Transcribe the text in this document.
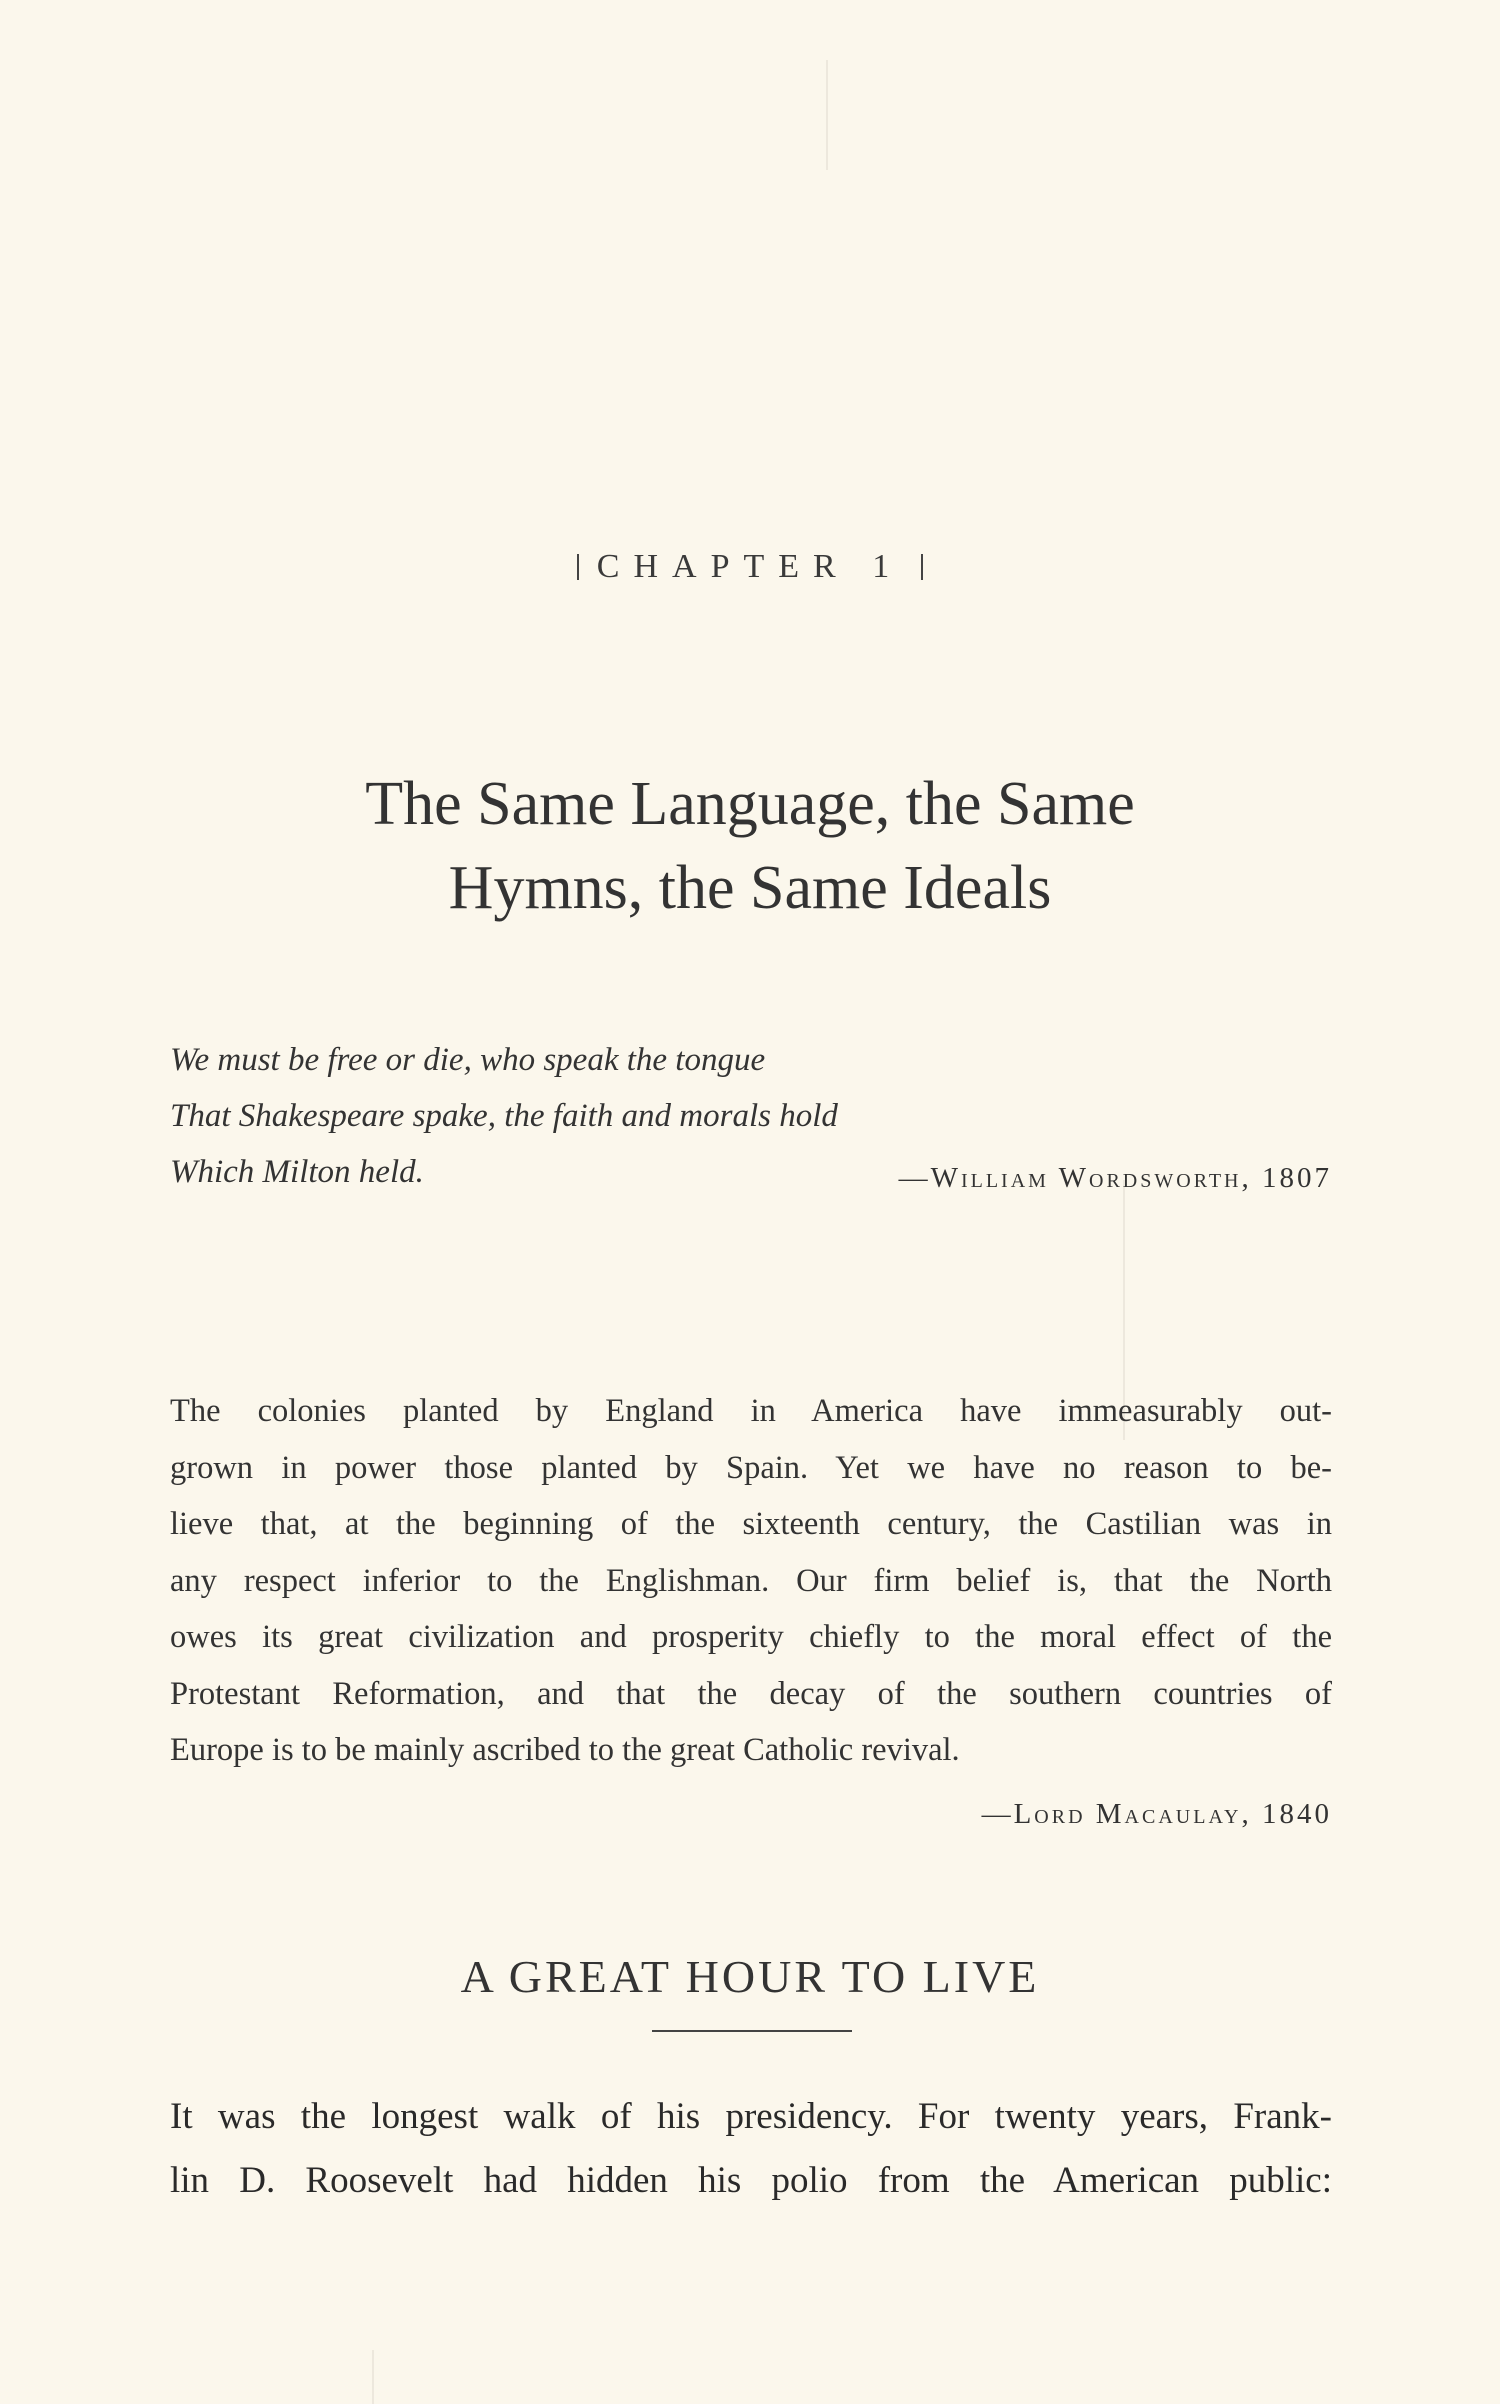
CHAPTER 1
The Same Language, the Same
Hymns, the Same Ideals
We must be free or die, who speak the tongue
That Shakespeare spake, the faith and morals hold
Which Milton held.	—William Wordsworth, 1807
The colonies planted by England in America have immeasurably out-
grown in power those planted by Spain. Yet we have no reason to be-
lieve that, at the beginning of the sixteenth century, the Castilian was in
any respect inferior to the Englishman. Our firm belief is, that the North
owes its great civilization and prosperity chiefly to the moral effect of the
Protestant Reformation, and that the decay of the southern countries of
Europe is to be mainly ascribed to the great Catholic revival.
—Lord Macaulay, 1840
A GREAT HOUR TO LIVE
It was the longest walk of his presidency. For twenty years, Frank-
lin D. Roosevelt had hidden his polio from the American public:
